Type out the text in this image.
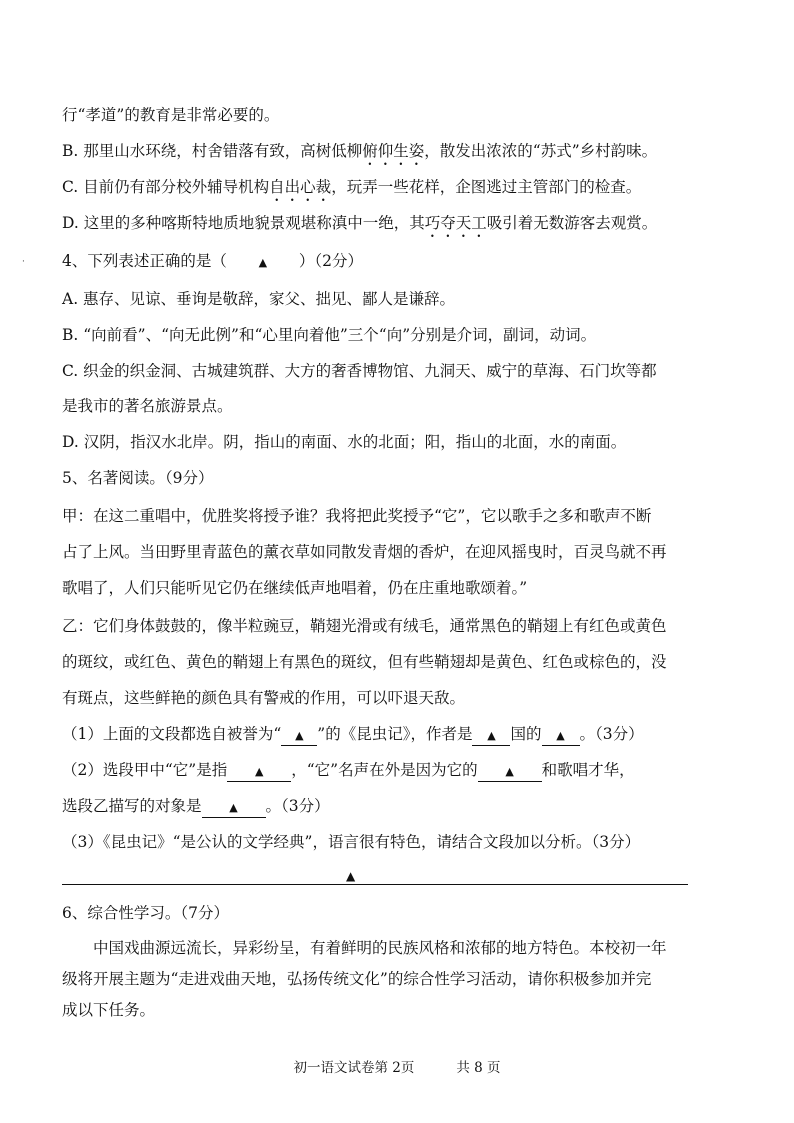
·
行“孝道”的教育是非常必要的。
B. 那里山水环绕，村舍错落有致，高树低柳俯仰生姿，散发出浓浓的“苏式”乡村韵味。
C. 目前仍有部分校外辅导机构自出心裁，玩弄一些花样，企图逃过主管部门的检查。
D. 这里的多种喀斯特地质地貌景观堪称滇中一绝，其巧夺天工吸引着无数游客去观赏。
4、下列表述正确的是（	▲ ）（2分）
A. 惠存、见谅、垂询是敬辞，家父、拙见、鄙人是谦辞。
B. “向前看”、“向无此例”和“心里向着他”三个“向”分别是介词，副词，动词。
C. 织金的织金洞、古城建筑群、大方的奢香博物馆、九洞天、威宁的草海、石门坎等都
是我市的著名旅游景点。
D. 汉阴，指汉水北岸。阴，指山的南面、水的北面；阳，指山的北面，水的南面。
5、名著阅读。（9分）
甲：在这二重唱中，优胜奖将授予谁？我将把此奖授予“它”，它以歌手之多和歌声不断
占了上风。当田野里青蓝色的薰衣草如同散发青烟的香炉，在迎风摇曳时，百灵鸟就不再
歌唱了，人们只能听见它仍在继续低声地唱着，仍在庄重地歌颂着。”
乙：它们身体鼓鼓的，像半粒豌豆，鞘翅光滑或有绒毛，通常黑色的鞘翅上有红色或黄色
的斑纹，或红色、黄色的鞘翅上有黑色的斑纹，但有些鞘翅却是黄色、红色或棕色的，没
有斑点，这些鲜艳的颜色具有警戒的作用，可以吓退天敌。
（1）上面的文段都选自被誉为“ ▲ ”的《昆虫记》，作者是 ▲ 国的 ▲ 。（3分）
（2）选段甲中“它”是指	▲ ，“它”名声在外是因为它的	▲ 和歌唱才华，
选段乙描写的对象是	▲ 。（3分）
（3）《昆虫记》“是公认的文学经典”，语言很有特色，请结合文段加以分析。（3分）
▲
6、综合性学习。（7分）
中国戏曲源远流长，异彩纷呈，有着鲜明的民族风格和浓郁的地方特色。本校初一年
级将开展主题为“走进戏曲天地，弘扬传统文化”的综合性学习活动，请你积极参加并完
成以下任务。
初一语文试卷第 2页	共 8 页
